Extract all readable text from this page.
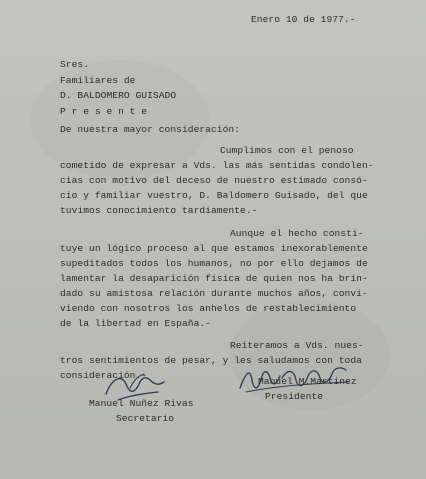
Enero 10 de 1977.-

Sres.

Familiares de

D. BALDOMERO GUISADO

P r e s e n t e

De nuestra mayor consideración:

Cumplimos con el penoso

cometido de expresar a Vds. las más sentidas condolen-

cias con motivo del deceso de nuestro estimado consó-

cio y familiar vuestro, D. Baldomero Guisado, del que

tuvimos conocimiento tardíamente.-

Aunque el hecho consti-

tuye un lógico proceso al que estamos inexorablemente

supeditados todos los humanos, no por ello dejamos de

lamentar la desaparición física de quien nos ha brin-

dado su amistosa relación durante muchos años, convi-

viendo con nosotros los anhelos de restablecimiento

de la libertad en España.-

Reiteramos a Vds. nues-

tros sentimientos de pesar, y les saludamos con toda

consideración.-

Manuel Nuñez Rivas

Secretario

Manuel M.Martinez

Presidente
